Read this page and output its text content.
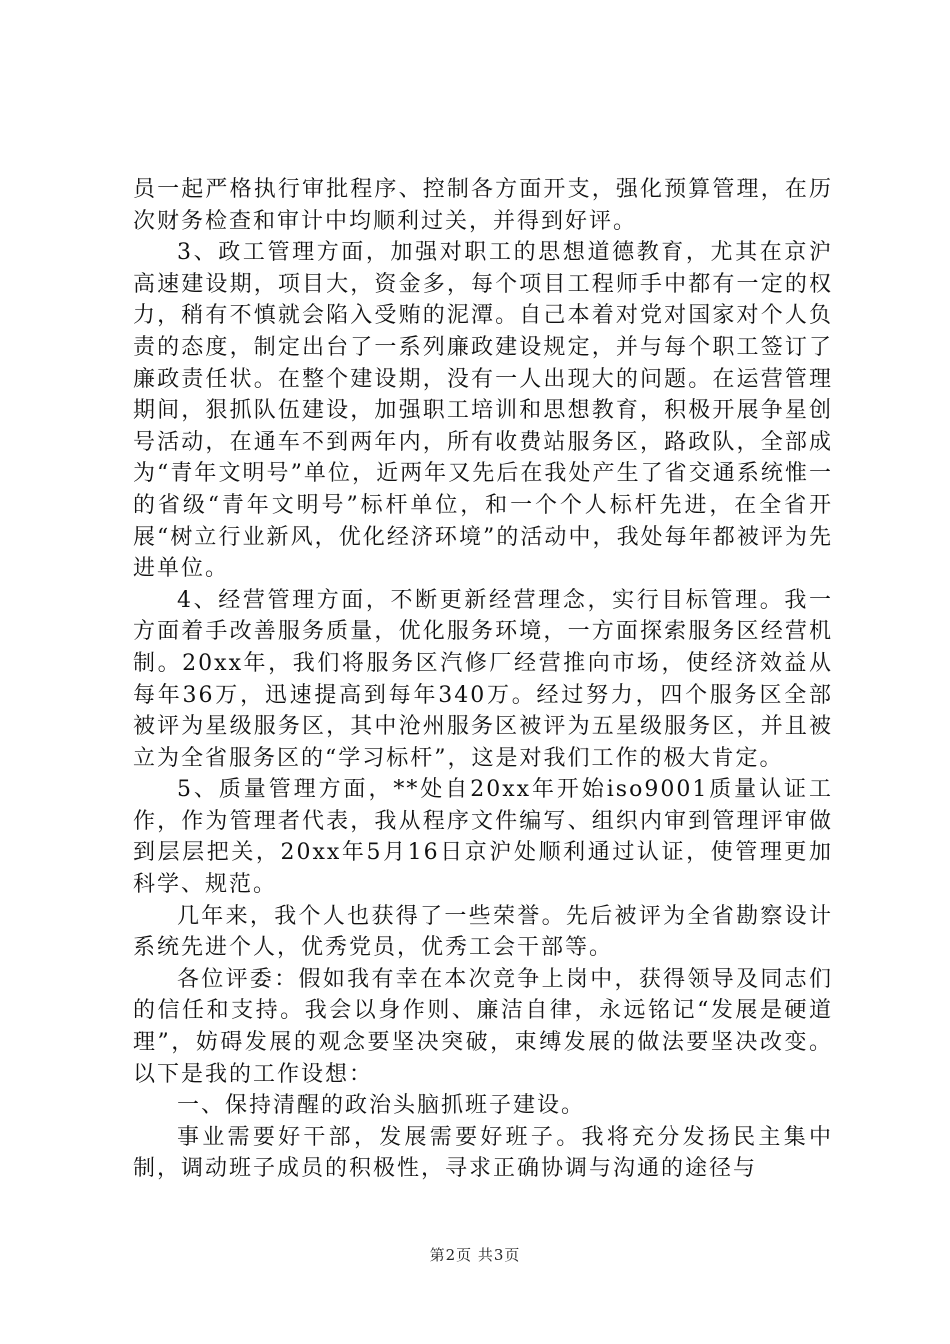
员一起严格执行审批程序、控制各方面开支，强化预算管理，在历次财务检查和审计中均顺利过关，并得到好评。

3、政工管理方面，加强对职工的思想道德教育，尤其在京沪高速建设期，项目大，资金多，每个项目工程师手中都有一定的权力，稍有不慎就会陷入受贿的泥潭。自己本着对党对国家对个人负责的态度，制定出台了一系列廉政建设规定，并与每个职工签订了廉政责任状。在整个建设期，没有一人出现大的问题。在运营管理期间，狠抓队伍建设，加强职工培训和思想教育，积极开展争星创号活动，在通车不到两年内，所有收费站服务区，路政队，全部成为“青年文明号”单位，近两年又先后在我处产生了省交通系统惟一的省级“青年文明号”标杆单位，和一个个人标杆先进，在全省开展“树立行业新风，优化经济环境”的活动中，我处每年都被评为先进单位。

4、经营管理方面，不断更新经营理念，实行目标管理。我一方面着手改善服务质量，优化服务环境，一方面探索服务区经营机制。20xx年，我们将服务区汽修厂经营推向市场，使经济效益从每年36万，迅速提高到每年340万。经过努力，四个服务区全部被评为星级服务区，其中沧州服务区被评为五星级服务区，并且被立为全省服务区的“学习标杆”，这是对我们工作的极大肯定。

5、质量管理方面，**处自20xx年开始iso9001质量认证工作，作为管理者代表，我从程序文件编写、组织内审到管理评审做到层层把关，20xx年5月16日京沪处顺利通过认证，使管理更加科学、规范。

几年来，我个人也获得了一些荣誉。先后被评为全省勘察设计系统先进个人，优秀党员，优秀工会干部等。

各位评委：假如我有幸在本次竞争上岗中，获得领导及同志们的信任和支持。我会以身作则、廉洁自律，永远铭记“发展是硬道理”，妨碍发展的观念要坚决突破，束缚发展的做法要坚决改变。以下是我的工作设想：

一、保持清醒的政治头脑抓班子建设。

事业需要好干部，发展需要好班子。我将充分发扬民主集中制，调动班子成员的积极性，寻求正确协调与沟通的途径与

第2页 共3页
